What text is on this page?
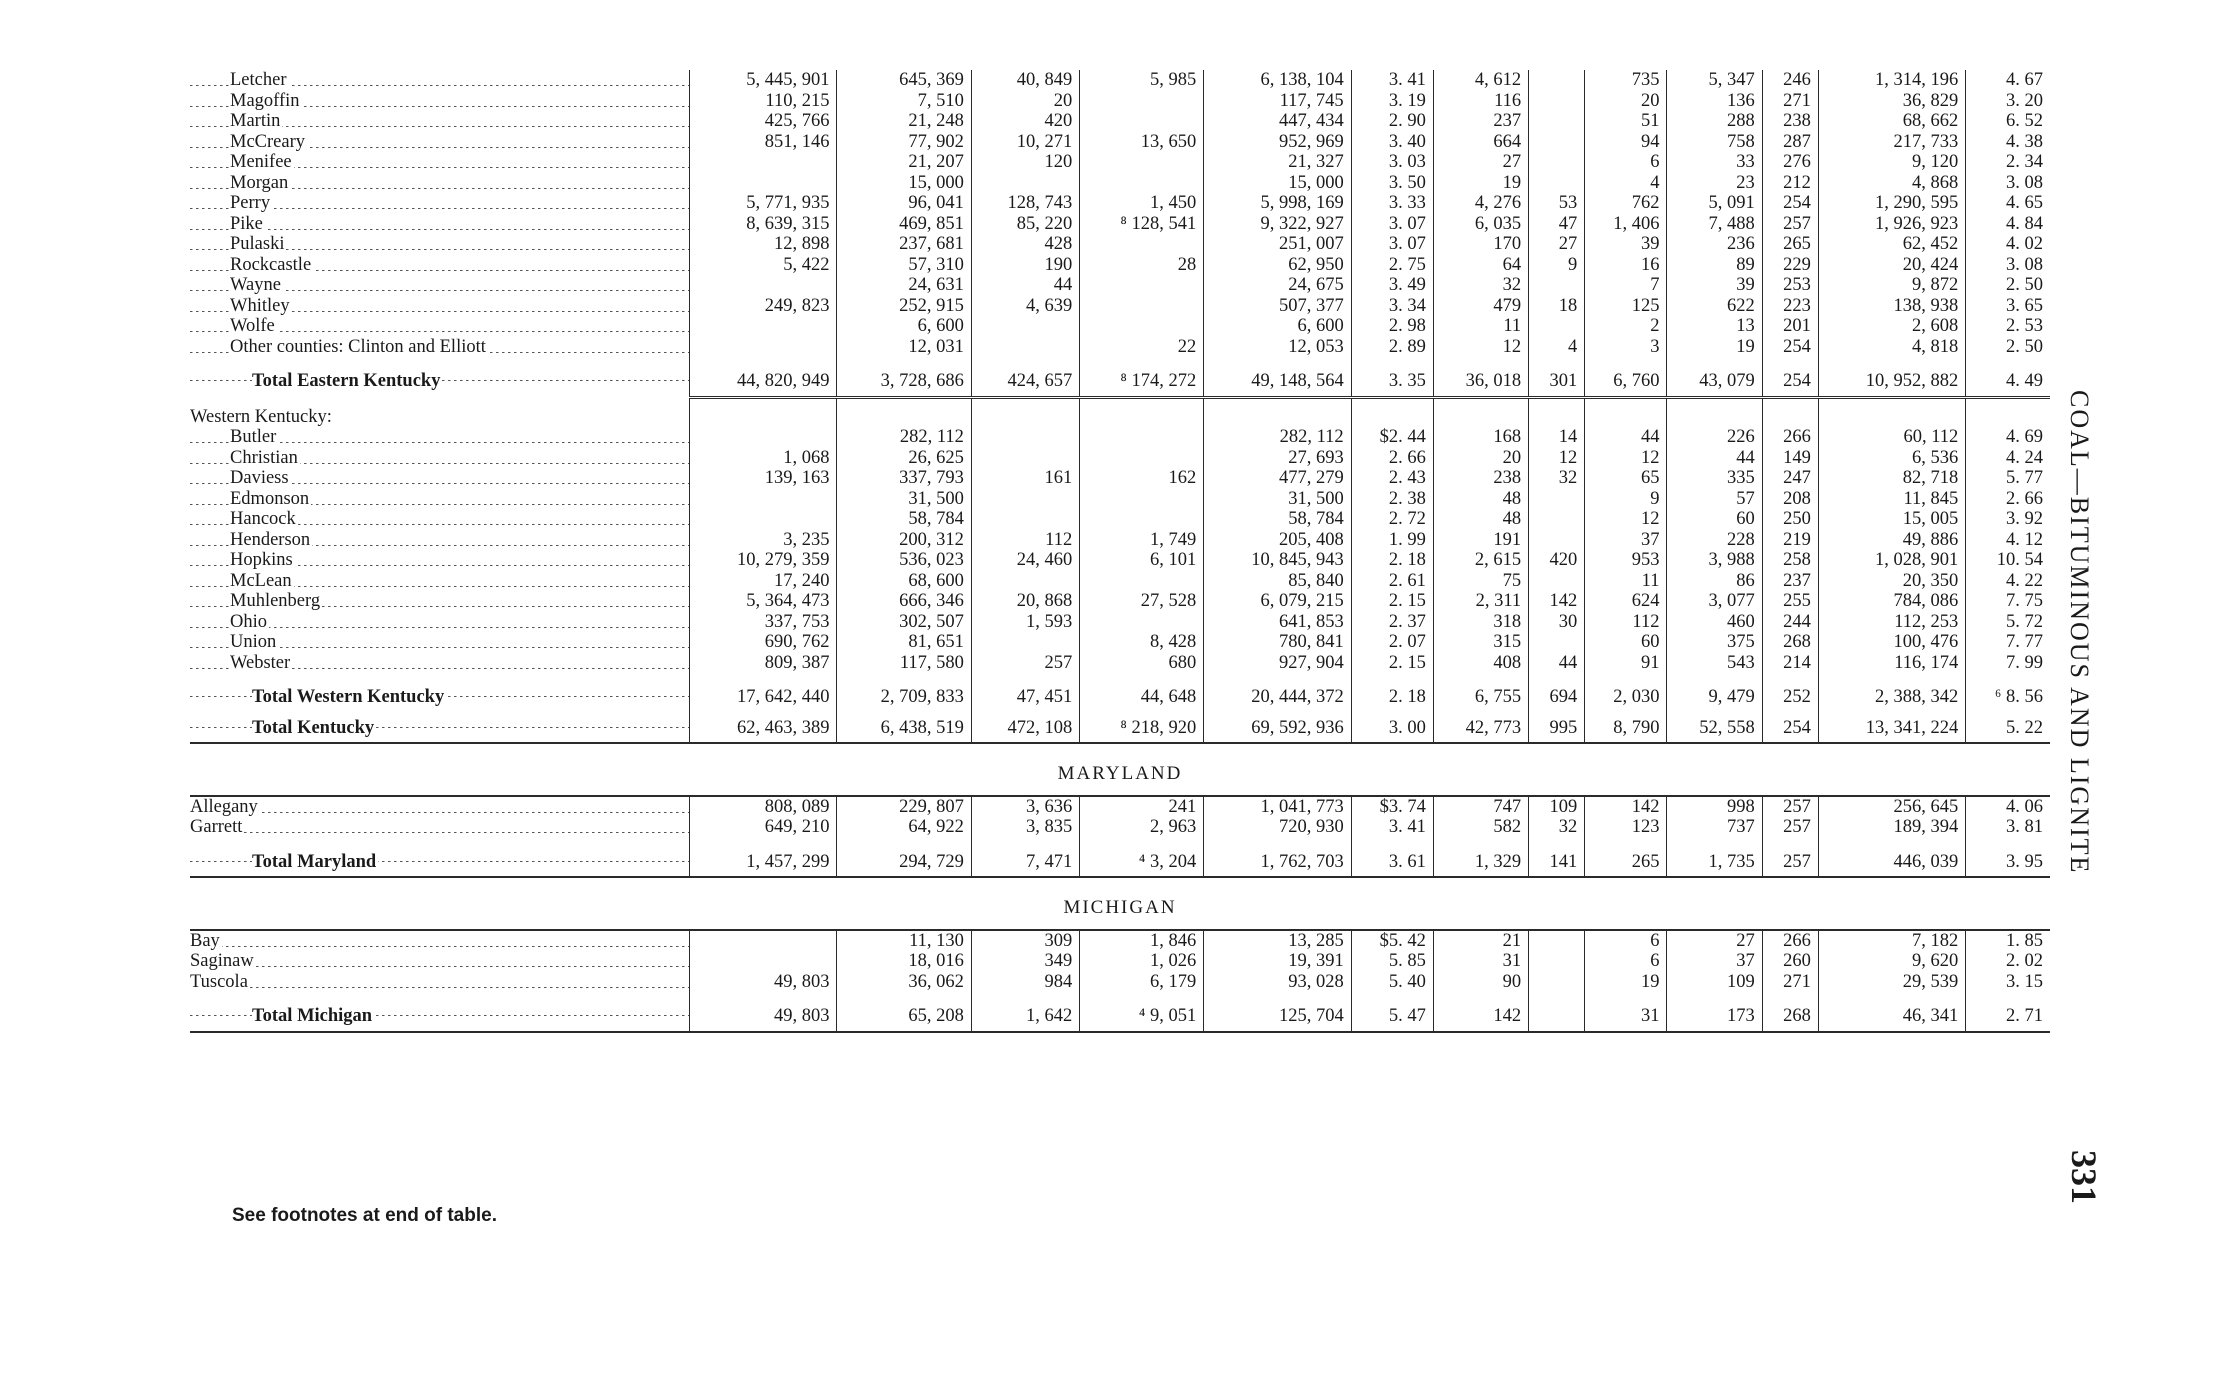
Letcher	5, 445, 901	645, 369	40, 849	5, 985	6, 138, 104	3. 41	4, 612		735	5, 347	246	1, 314, 196	4. 67
Magoffin	110, 215	7, 510	20		117, 745	3. 19	116		20	136	271	36, 829	3. 20
Martin	425, 766	21, 248	420		447, 434	2. 90	237		51	288	238	68, 662	6. 52
McCreary	851, 146	77, 902	10, 271	13, 650	952, 969	3. 40	664		94	758	287	217, 733	4. 38
Menifee		21, 207	120		21, 327	3. 03	27		6	33	276	9, 120	2. 34
Morgan		15, 000			15, 000	3. 50	19		4	23	212	4, 868	3. 08
Perry	5, 771, 935	96, 041	128, 743	1, 450	5, 998, 169	3. 33	4, 276	53	762	5, 091	254	1, 290, 595	4. 65
Pike	8, 639, 315	469, 851	85, 220	⁸ 128, 541	9, 322, 927	3. 07	6, 035	47	1, 406	7, 488	257	1, 926, 923	4. 84
Pulaski	12, 898	237, 681	428		251, 007	3. 07	170	27	39	236	265	62, 452	4. 02
Rockcastle	5, 422	57, 310	190	28	62, 950	2. 75	64	9	16	89	229	20, 424	3. 08
Wayne		24, 631	44		24, 675	3. 49	32		7	39	253	9, 872	2. 50
Whitley	249, 823	252, 915	4, 639		507, 377	3. 34	479	18	125	622	223	138, 938	3. 65
Wolfe		6, 600			6, 600	2. 98	11		2	13	201	2, 608	2. 53
Other counties: Clinton and Elliott		12, 031		22	12, 053	2. 89	12	4	3	19	254	4, 818	2. 50

Total Eastern Kentucky	44, 820, 949	3, 728, 686	424, 657	⁸ 174, 272	49, 148, 564	3. 35	36, 018	301	6, 760	43, 079	254	10, 952, 882	4. 49

Western Kentucky:													
Butler		282, 112			282, 112	$2. 44	168	14	44	226	266	60, 112	4. 69
Christian	1, 068	26, 625			27, 693	2. 66	20	12	12	44	149	6, 536	4. 24
Daviess	139, 163	337, 793	161	162	477, 279	2. 43	238	32	65	335	247	82, 718	5. 77
Edmonson		31, 500			31, 500	2. 38	48		9	57	208	11, 845	2. 66
Hancock		58, 784			58, 784	2. 72	48		12	60	250	15, 005	3. 92
Henderson	3, 235	200, 312	112	1, 749	205, 408	1. 99	191		37	228	219	49, 886	4. 12
Hopkins	10, 279, 359	536, 023	24, 460	6, 101	10, 845, 943	2. 18	2, 615	420	953	3, 988	258	1, 028, 901	10. 54
McLean	17, 240	68, 600			85, 840	2. 61	75		11	86	237	20, 350	4. 22
Muhlenberg	5, 364, 473	666, 346	20, 868	27, 528	6, 079, 215	2. 15	2, 311	142	624	3, 077	255	784, 086	7. 75
Ohio	337, 753	302, 507	1, 593		641, 853	2. 37	318	30	112	460	244	112, 253	5. 72
Union	690, 762	81, 651		8, 428	780, 841	2. 07	315		60	375	268	100, 476	7. 77
Webster	809, 387	117, 580	257	680	927, 904	2. 15	408	44	91	543	214	116, 174	7. 99

Total Western Kentucky	17, 642, 440	2, 709, 833	47, 451	44, 648	20, 444, 372	2. 18	6, 755	694	2, 030	9, 479	252	2, 388, 342	⁶ 8. 56
Total Kentucky	62, 463, 389	6, 438, 519	472, 108	⁸ 218, 920	69, 592, 936	3. 00	42, 773	995	8, 790	52, 558	254	13, 341, 224	5. 22

MARYLAND													
Allegany	808, 089	229, 807	3, 636	241	1, 041, 773	$3. 74	747	109	142	998	257	256, 645	4. 06
Garrett	649, 210	64, 922	3, 835	2, 963	720, 930	3. 41	582	32	123	737	257	189, 394	3. 81

Total Maryland	1, 457, 299	294, 729	7, 471	⁴ 3, 204	1, 762, 703	3. 61	1, 329	141	265	1, 735	257	446, 039	3. 95

MICHIGAN													
Bay		11, 130	309	1, 846	13, 285	$5. 42	21		6	27	266	7, 182	1. 85
Saginaw		18, 016	349	1, 026	19, 391	5. 85	31		6	37	260	9, 620	2. 02
Tuscola	49, 803	36, 062	984	6, 179	93, 028	5. 40	90		19	109	271	29, 539	3. 15

Total Michigan	49, 803	65, 208	1, 642	⁴ 9, 051	125, 704	5. 47	142		31	173	268	46, 341	2. 71

COAL—BITUMINOUS AND LIGNITE
331
See footnotes at end of table.
